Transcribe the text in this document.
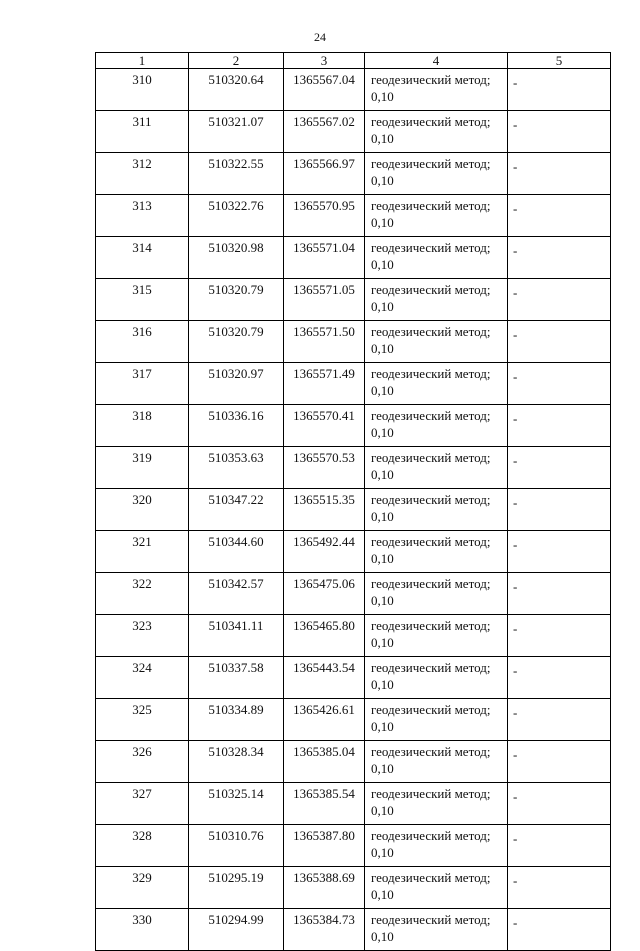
24
1	2	3	4	5
310	510320.64	1365567.04	геодезический метод; 0,10	-
311	510321.07	1365567.02	геодезический метод; 0,10	-
312	510322.55	1365566.97	геодезический метод; 0,10	-
313	510322.76	1365570.95	геодезический метод; 0,10	-
314	510320.98	1365571.04	геодезический метод; 0,10	-
315	510320.79	1365571.05	геодезический метод; 0,10	-
316	510320.79	1365571.50	геодезический метод; 0,10	-
317	510320.97	1365571.49	геодезический метод; 0,10	-
318	510336.16	1365570.41	геодезический метод; 0,10	-
319	510353.63	1365570.53	геодезический метод; 0,10	-
320	510347.22	1365515.35	геодезический метод; 0,10	-
321	510344.60	1365492.44	геодезический метод; 0,10	-
322	510342.57	1365475.06	геодезический метод; 0,10	-
323	510341.11	1365465.80	геодезический метод; 0,10	-
324	510337.58	1365443.54	геодезический метод; 0,10	-
325	510334.89	1365426.61	геодезический метод; 0,10	-
326	510328.34	1365385.04	геодезический метод; 0,10	-
327	510325.14	1365385.54	геодезический метод; 0,10	-
328	510310.76	1365387.80	геодезический метод; 0,10	-
329	510295.19	1365388.69	геодезический метод; 0,10	-
330	510294.99	1365384.73	геодезический метод; 0,10	-
